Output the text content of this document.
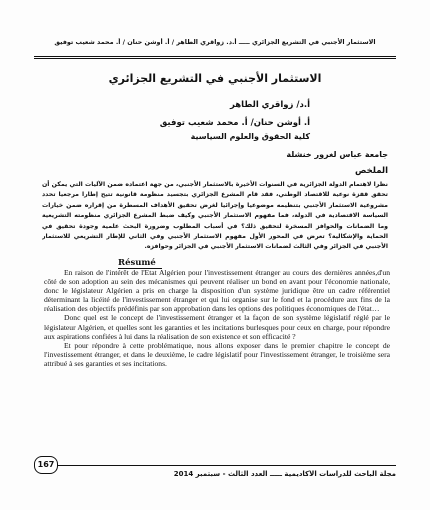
الاستثمار الأجنبي في التشريع الجزائري ـــــ أ.د. زواقري الطاهر / أ. أوشن حنان / أ. محمد شعيب توفيق
الاستثمار الأجنبي في التشريع الجزائري
أ.د/ زواقري الطاهر
أ. أوشن حنان/ أ. محمد شعيب توفيق
كلية الحقوق والعلوم السياسية
جامعة عباس لغرور خنشلة
الملخص
نظرا لاهتمام الدولة الجزائرية في السنوات الأخيرة بالاستثمار الأجنبي، من جهة اعتماده ضمن الآليات التي يمكن أن تحقق قفزة نوعية للاقتصاد الوطني، فقد قام المشرع الجزائري بتجسيد منظومة قانونية تتيح إطارا مرجعيا تحدد مشروعية الاستثمار الأجنبي بتنظيمه موضوعيا وإجرائيا لغرض تحقيق الأهداف المسطرة من إقراره ضمن خيارات السياسة الاقتصادية في الدولة، فما مفهوم الاستثمار الأجنبي وكيف ضبط المشرع الجزائري منظومته التشريعية وما الضمانات والحوافز المسخرة لتحقيق ذلك؟ في أسباب المطلوب وضرورة البحث علمية وجودة تحقيق في الحماية والإشكالية؟ تعرض في المحور الأول مفهوم الاستثمار الأجنبي وفي الثاني للإطار التشريعي للاستثمار الأجنبي في الجزائر وفي الثالث لضمانات الاستثمار الأجنبي في الجزائر وحوافزه.
Résumé

En raison de l'intérêt de l'Etat Algérien pour l'investissement étranger au cours des dernières années,d'un côté de son adoption au sein des mécanismes qui peuvent réaliser un bond en avant pour l'économie nationale, donc le législateur Algérien a pris en charge la disposition d'un système juridique être un cadre référentiel déterminant la licéité de l'investissement étranger et qui lui organise sur le fond et la procédure aux fins de la réalisation des objectifs prédéfinis par son approbation dans les options des politiques économiques de l'état…

Donc quel est le concept de l'investissement étranger et la façon de son système législatif réglé par le législateur Algérien, et quelles sont les garanties et les incitations burlesques pour ceux en charge, pour répondre aux aspirations confiées à lui dans la réalisation de son existence et son efficacité ?

Et pour répondre à cette problématique, nous allons exposer dans le premier chapitre le concept de l'investissement étranger, et dans le deuxième, le cadre législatif pour l'investissement étranger, le troisième sera attribué à ses garanties et ses incitations.

167
مجلة الباحث للدراسات الأكاديمية ـــــ العدد الثالث - سبتمبر 2014
